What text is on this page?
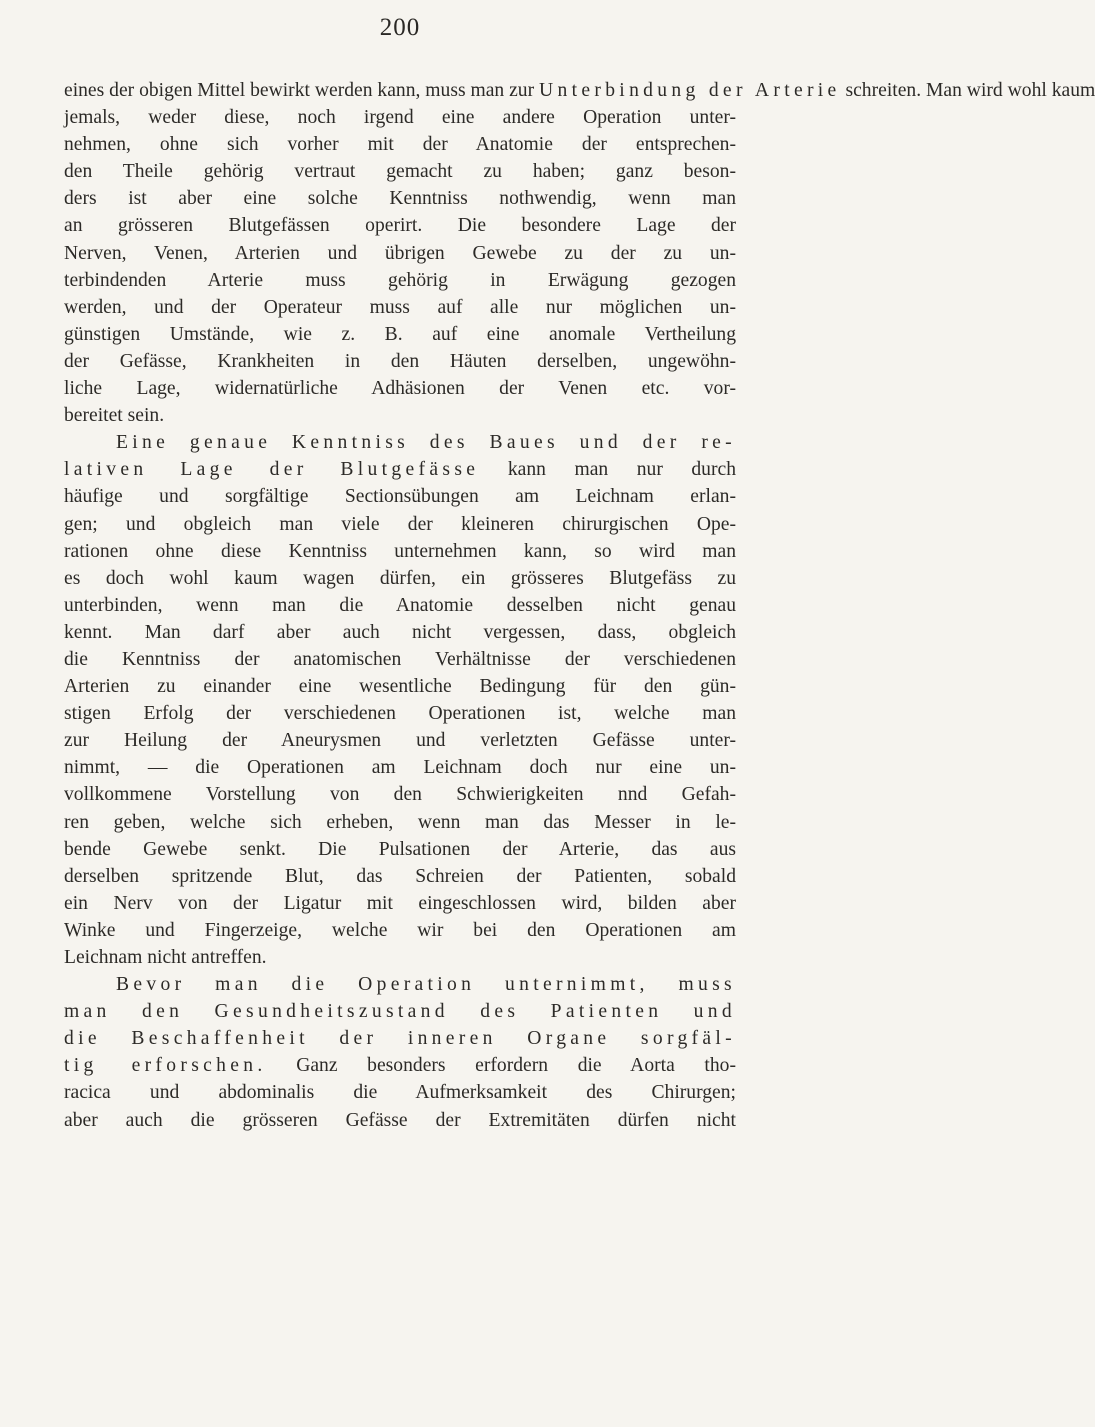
200
eines der obigen Mittel bewirkt werden kann, muss man zur Unterbindung der Arterie schreiten. Man wird wohl kaum
jemals, weder diese, noch irgend eine andere Operation unter-
nehmen, ohne sich vorher mit der Anatomie der entsprechen-
den Theile gehörig vertraut gemacht zu haben; ganz beson-
ders ist aber eine solche Kenntniss nothwendig, wenn man
an grösseren Blutgefässen operirt. Die besondere Lage der
Nerven, Venen, Arterien und übrigen Gewebe zu der zu un-
terbindenden Arterie muss gehörig in Erwägung gezogen
werden, und der Operateur muss auf alle nur möglichen un-
günstigen Umstände, wie z. B. auf eine anomale Vertheilung
der Gefässe, Krankheiten in den Häuten derselben, ungewöhn-
liche Lage, widernatürliche Adhäsionen der Venen etc. vor-
bereitet sein.
Eine genaue Kenntniss des Baues und der re-
lativen Lage der Blutgefässe kann man nur durch
häufige und sorgfältige Sectionsübungen am Leichnam erlan-
gen; und obgleich man viele der kleineren chirurgischen Ope-
rationen ohne diese Kenntniss unternehmen kann, so wird man
es doch wohl kaum wagen dürfen, ein grösseres Blutgefäss zu
unterbinden, wenn man die Anatomie desselben nicht genau
kennt. Man darf aber auch nicht vergessen, dass, obgleich
die Kenntniss der anatomischen Verhältnisse der verschiedenen
Arterien zu einander eine wesentliche Bedingung für den gün-
stigen Erfolg der verschiedenen Operationen ist, welche man
zur Heilung der Aneurysmen und verletzten Gefässe unter-
nimmt, — die Operationen am Leichnam doch nur eine un-
vollkommene Vorstellung von den Schwierigkeiten nnd Gefah-
ren geben, welche sich erheben, wenn man das Messer in le-
bende Gewebe senkt. Die Pulsationen der Arterie, das aus
derselben spritzende Blut, das Schreien der Patienten, sobald
ein Nerv von der Ligatur mit eingeschlossen wird, bilden aber
Winke und Fingerzeige, welche wir bei den Operationen am
Leichnam nicht antreffen.
Bevor man die Operation unternimmt, muss
man den Gesundheitszustand des Patienten und
die Beschaffenheit der inneren Organe sorgfäl-
tig erforschen. Ganz besonders erfordern die Aorta tho-
racica und abdominalis die Aufmerksamkeit des Chirurgen;
aber auch die grösseren Gefässe der Extremitäten dürfen nicht
